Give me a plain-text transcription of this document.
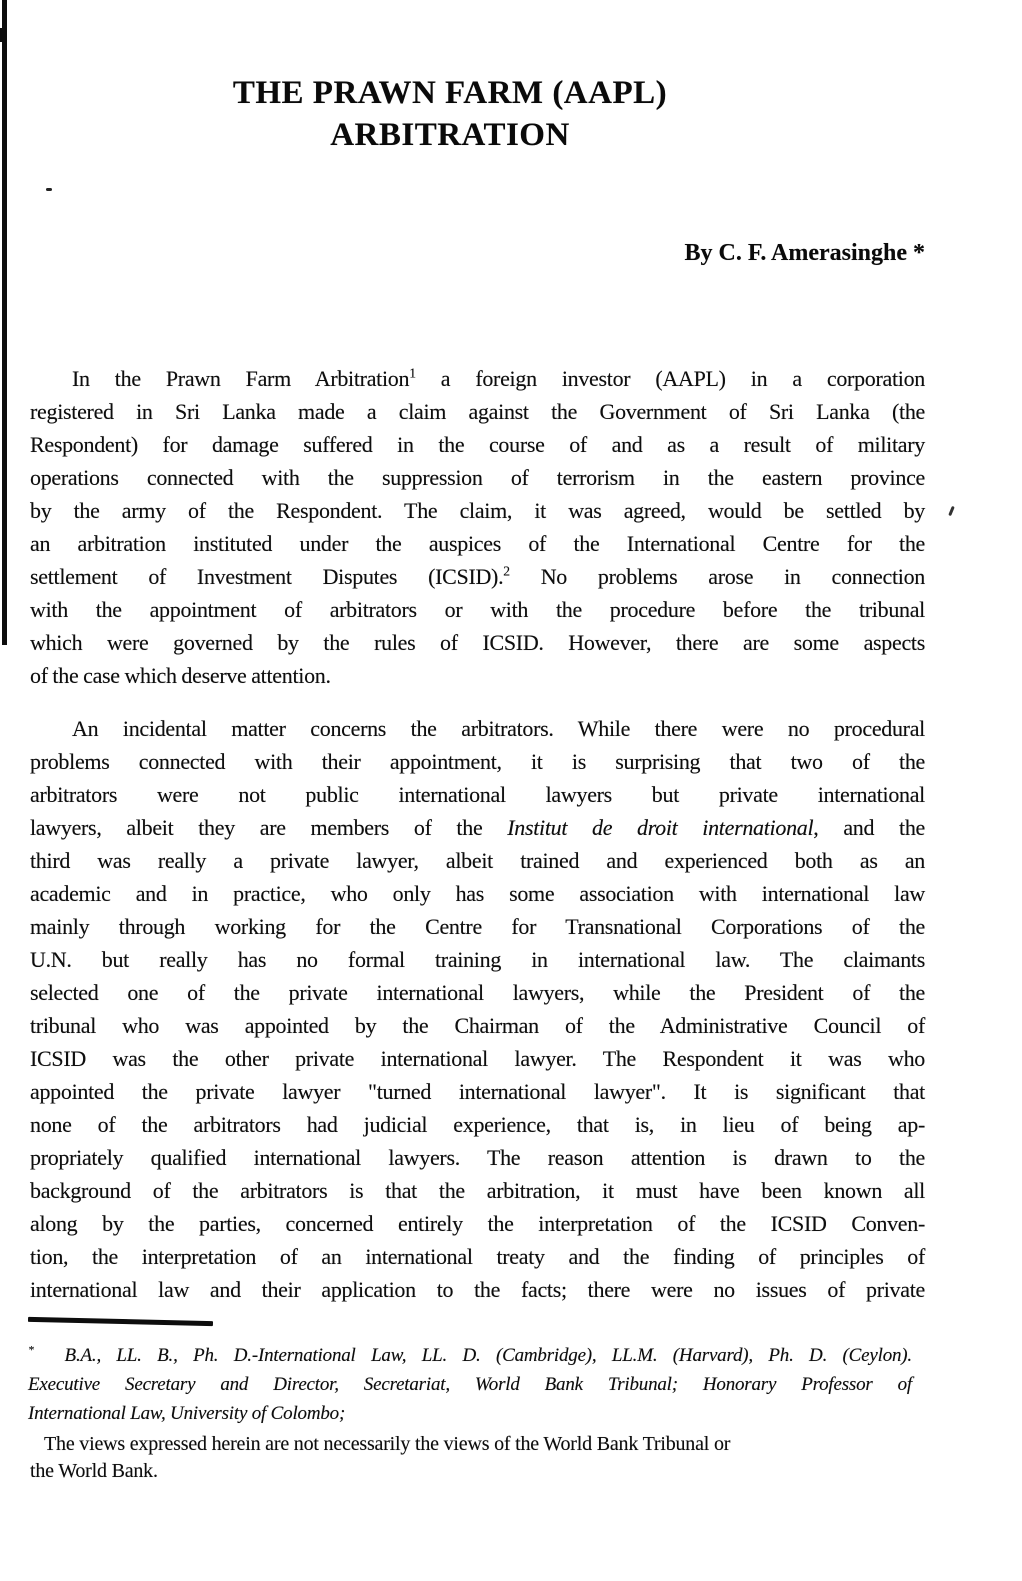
THE PRAWN FARM (AAPL)
ARBITRATION
By C. F. Amerasinghe *
In the Prawn Farm Arbitration$^1$ a foreign investor (AAPL) in a corporation
registered in Sri Lanka made a claim against the Government of Sri Lanka (the
Respondent) for damage suffered in the course of and as a result of military
operations connected with the suppression of terrorism in the eastern province
by the army of the Respondent. The claim, it was agreed, would be settled by
an arbitration instituted under the auspices of the International Centre for the
settlement of Investment Disputes (ICSID).$^2$ No problems arose in connection
with the appointment of arbitrators or with the procedure before the tribunal
which were governed by the rules of ICSID. However, there are some aspects
of the case which deserve attention.
An incidental matter concerns the arbitrators. While there were no procedural
problems connected with their appointment, it is surprising that two of the
arbitrators were not public international lawyers but private international
lawyers, albeit they are members of the Institut de droit international, and the
third was really a private lawyer, albeit trained and experienced both as an
academic and in practice, who only has some association with international law
mainly through working for the Centre for Transnational Corporations of the
U.N. but really has no formal training in international law. The claimants
selected one of the private international lawyers, while the President of the
tribunal who was appointed by the Chairman of the Administrative Council of
ICSID was the other private international lawyer. The Respondent it was who
appointed the private lawyer "turned international lawyer". It is significant that
none of the arbitrators had judicial experience, that is, in lieu of being ap-
propriately qualified international lawyers. The reason attention is drawn to the
background of the arbitrators is that the arbitration, it must have been known all
along by the parties, concerned entirely the interpretation of the ICSID Conven-
tion, the interpretation of an international treaty and the finding of principles of
international law and their application to the facts; there were no issues of private
* B.A., LL. B., Ph. D.-International Law, LL. D. (Cambridge), LL.M. (Harvard), Ph. D. (Ceylon).
Executive Secretary and Director, Secretariat, World Bank Tribunal; Honorary Professor of
International Law, University of Colombo;
The views expressed herein are not necessarily the views of the World Bank Tribunal or
the World Bank.
